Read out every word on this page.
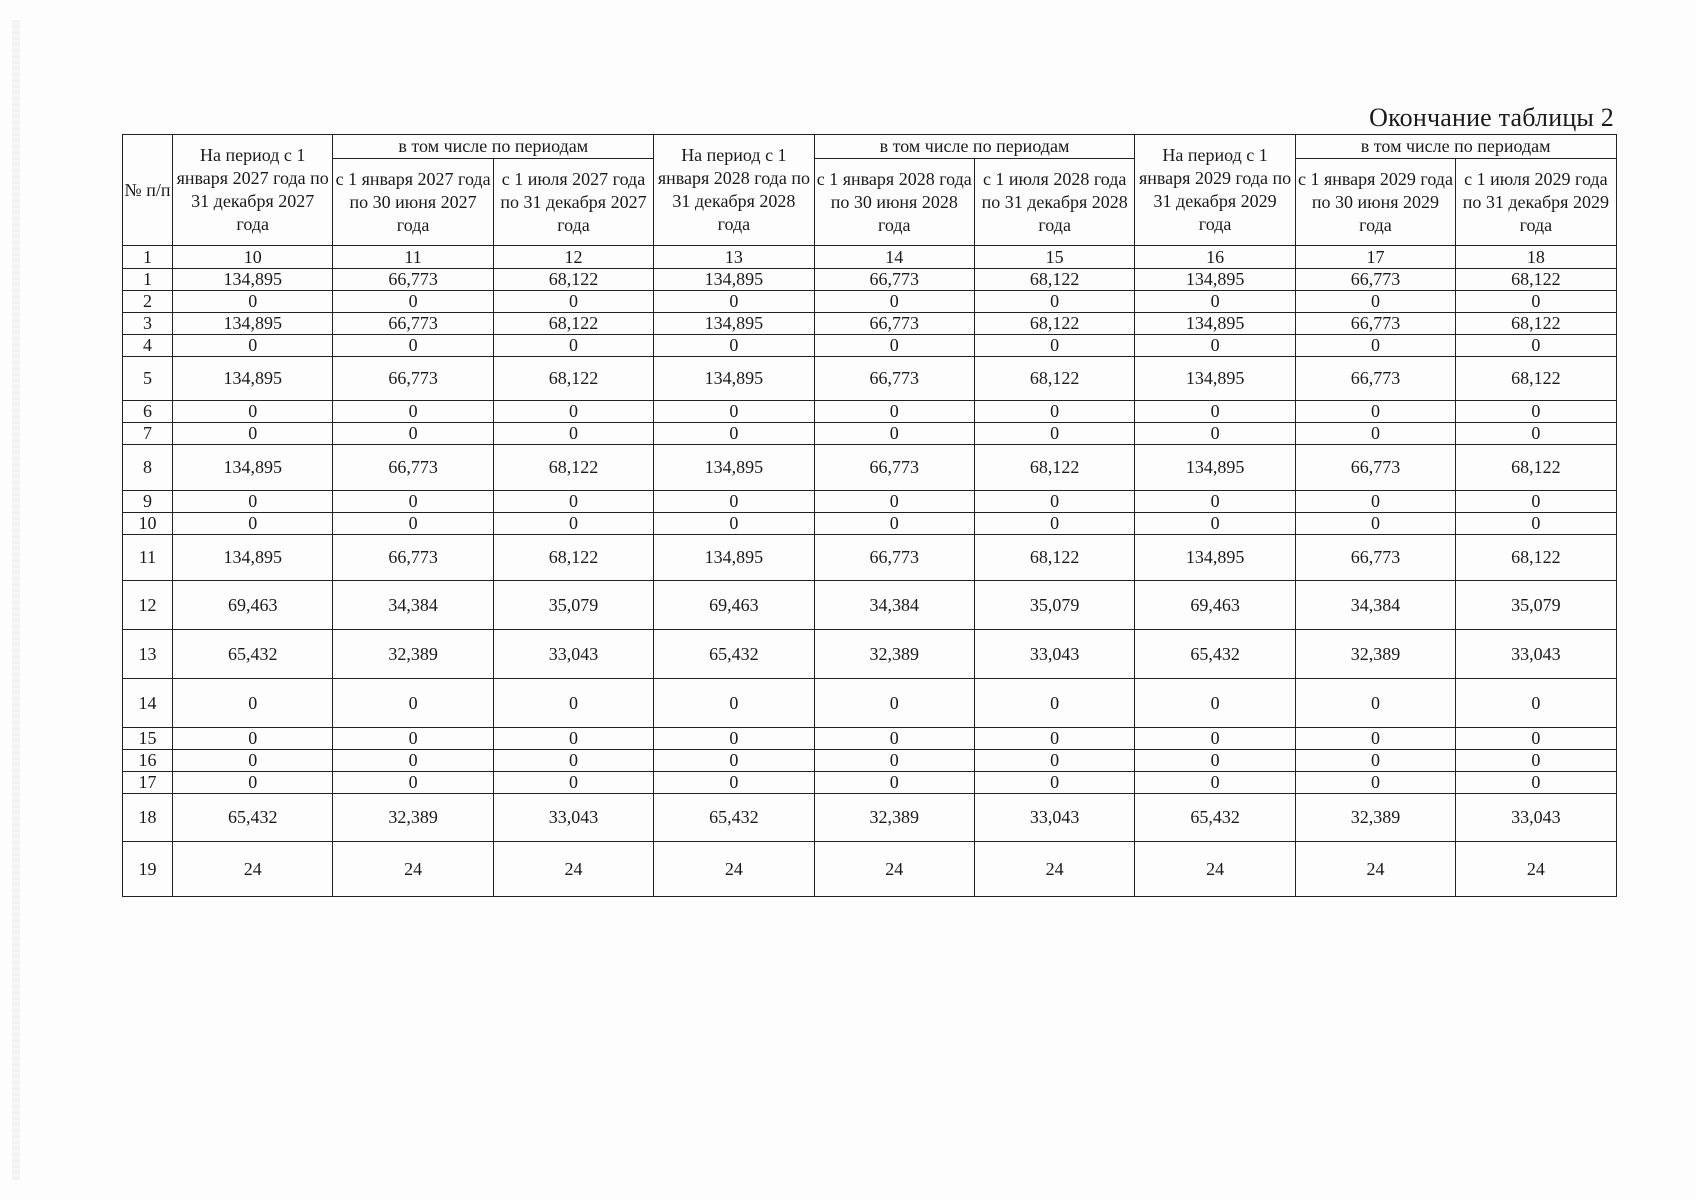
Окончание таблицы 2
№ п/п	На период с 1 января 2027 года по 31 декабря 2027 года	в том числе по периодам		На период с 1 января 2028 года по 31 декабря 2028 года	в том числе по периодам		На период с 1 января 2029 года по 31 декабря 2029 года	в том числе по периодам	
		с 1 января 2027 года по 30 июня 2027 года	с 1 июля 2027 года по 31 декабря 2027 года		с 1 января 2028 года по 30 июня 2028 года	с 1 июля 2028 года по 31 декабря 2028 года		с 1 января 2029 года по 30 июня 2029 года	с 1 июля 2029 года по 31 декабря 2029 года
1	10	11	12	13	14	15	16	17	18
1	134,895	66,773	68,122	134,895	66,773	68,122	134,895	66,773	68,122
2	0	0	0	0	0	0	0	0	0
3	134,895	66,773	68,122	134,895	66,773	68,122	134,895	66,773	68,122
4	0	0	0	0	0	0	0	0	0
5	134,895	66,773	68,122	134,895	66,773	68,122	134,895	66,773	68,122
6	0	0	0	0	0	0	0	0	0
7	0	0	0	0	0	0	0	0	0
8	134,895	66,773	68,122	134,895	66,773	68,122	134,895	66,773	68,122
9	0	0	0	0	0	0	0	0	0
10	0	0	0	0	0	0	0	0	0
11	134,895	66,773	68,122	134,895	66,773	68,122	134,895	66,773	68,122
12	69,463	34,384	35,079	69,463	34,384	35,079	69,463	34,384	35,079
13	65,432	32,389	33,043	65,432	32,389	33,043	65,432	32,389	33,043
14	0	0	0	0	0	0	0	0	0
15	0	0	0	0	0	0	0	0	0
16	0	0	0	0	0	0	0	0	0
17	0	0	0	0	0	0	0	0	0
18	65,432	32,389	33,043	65,432	32,389	33,043	65,432	32,389	33,043
19	24	24	24	24	24	24	24	24	24
